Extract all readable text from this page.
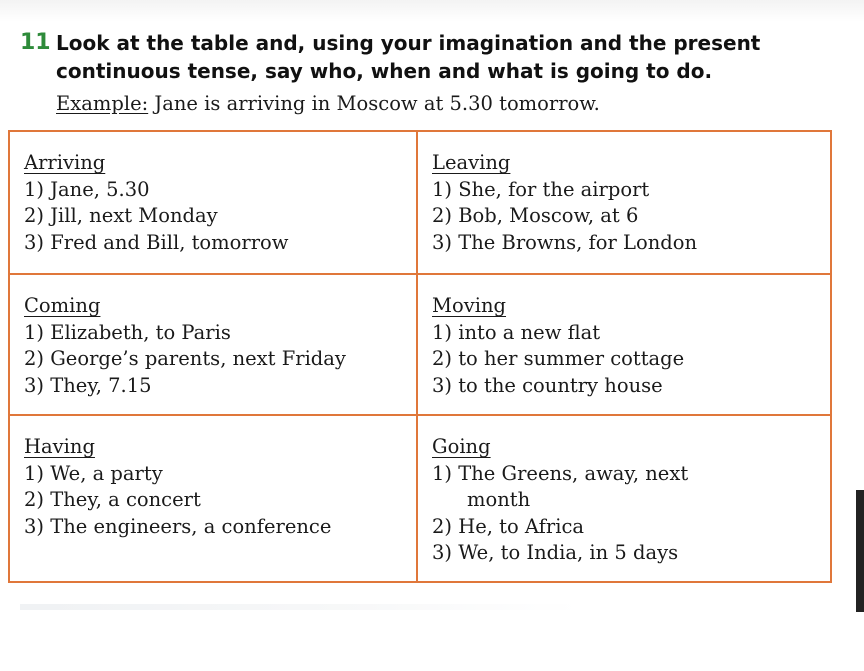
11 Look at the table and, using your imagination and the present
continuous tense, say who, when and what is going to do.
Example: Jane is arriving in Moscow at 5.30 tomorrow.
Arriving
1) Jane, 5.30
2) Jill, next Monday
3) Fred and Bill, tomorrow
Leaving
1) She, for the airport
2) Bob, Moscow, at 6
3) The Browns, for London
Coming
1) Elizabeth, to Paris
2) George’s parents, next Friday
3) They, 7.15
Moving
1) into a new flat
2) to her summer cottage
3) to the country house
Having
1) We, a party
2) They, a concert
3) The engineers, a conference
Going
1) The Greens, away, next
month
2) He, to Africa
3) We, to India, in 5 days
